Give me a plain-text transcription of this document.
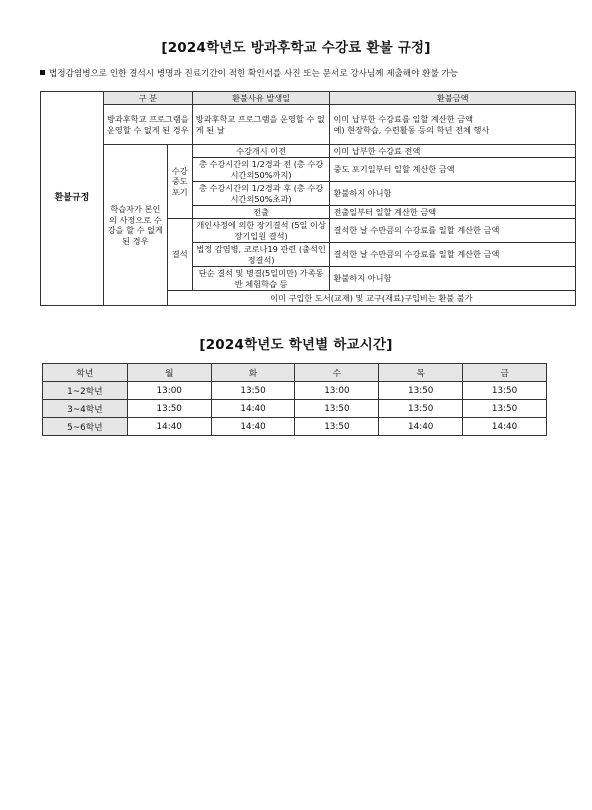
[2024학년도 방과후학교 수강료 환불 규정]
법정감염병으로 인한 결석시 병명과 진료기간이 적힌 확인서를 사진 또는 문서로 강사님께 제출해야 환불 가능
환불규정	구 분		환불사유 발생일	환불금액
	방과후학교 프로그램을 운영할 수 없게 된 경우		방과후학교 프로그램을 운영할 수 없게 된 날	이미 납부한 수강료를 일할 계산한 금액
예) 현장학습, 수련활동 등의 학년 전체 행사

	학습자가 본인의 사정으로 수강을 할 수 없게 된 경우	수강 중도 포기	수강개시 이전	이미 납부한 수강료 전액
			총 수강시간의 1/2경과 전 (총 수강시간의50%까지)	중도 포기일부터 일할 계산한 금액
			총 수강시간의 1/2경과 후 (총 수강시간의50%초과)	환불하지 아니함
			전출	전출일부터 일할 계산한 금액
		결석	개인사정에 의한 장기결석 (5일 이상 장기입원 결석)	결석한 날 수만큼의 수강료를 일할 계산한 금액
			법정 감염병, 코로나19 관련 (출석인정결석)	결석한 날 수만큼의 수강료를 일할 계산한 금액
			단순 결석 및 병결(5일미만) 가족동반 체험학습 등	환불하지 아니함
		이미 구입한 도서(교재) 및 교구(재료)구입비는 환불 불가		
[2024학년도 학년별 하교시간]
학년	월	화	수	목	금
1~2학년	13:00	13:50	13:00	13:50	13:50
3~4학년	13:50	14:40	13:50	13:50	13:50
5~6학년	14:40	14:40	13:50	14:40	14:40
